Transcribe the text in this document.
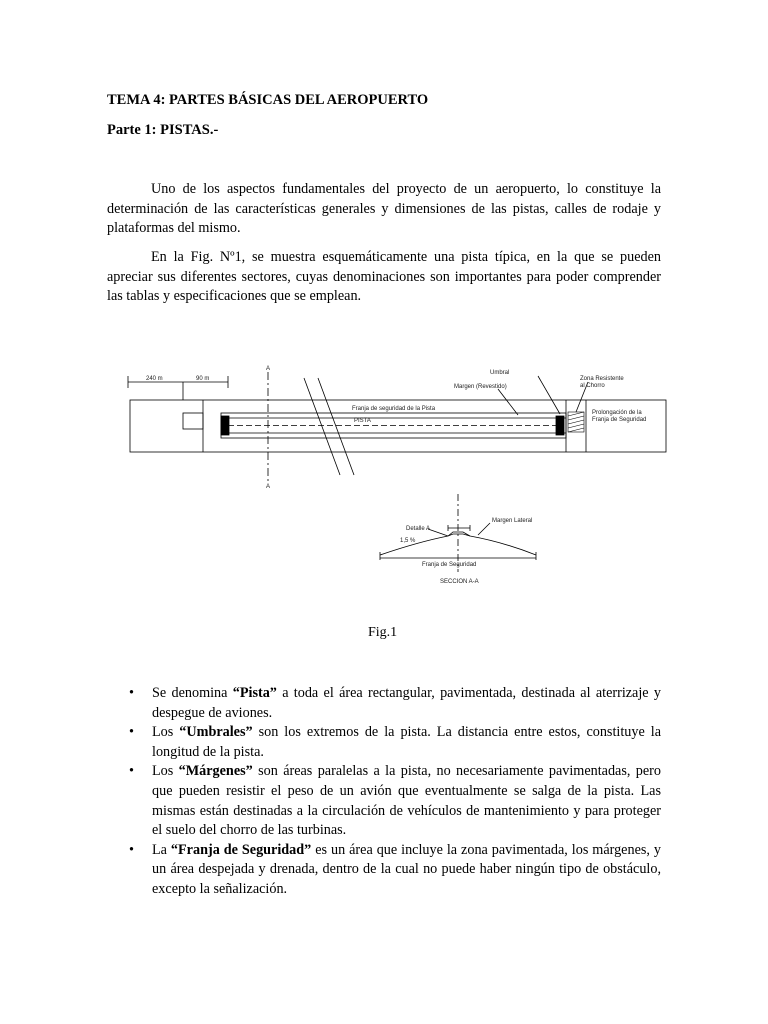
TEMA 4: PARTES BÁSICAS DEL AEROPUERTO
Parte 1: PISTAS.-

Uno de los aspectos fundamentales del proyecto de un aeropuerto, lo constituye la determinación de las características generales y dimensiones de las pistas, calles de rodaje y plataformas del mismo.

En la Fig. Nº1, se muestra esquemáticamente una pista típica, en la que se pueden apreciar sus diferentes sectores, cuyas denominaciones son importantes para poder comprender las tablas y especificaciones que se emplean.

240 m	90 m
A
A
Umbral
Margen (Revestido)
Zona Resistente
al Chorro
Franja de seguridad de la Pista
PISTA
Prolongación de la
Franja de Seguridad
Detalle A
1,5 %
Margen Lateral
Franja de Seguridad
SECCION A-A
Fig.1
• Se denomina “Pista” a toda el área rectangular, pavimentada, destinada al aterrizaje y despegue de aviones.
• Los “Umbrales” son los extremos de la pista. La distancia entre estos, constituye la longitud de la pista.
• Los “Márgenes” son áreas paralelas a la pista, no necesariamente pavimentadas, pero que pueden resistir el peso de un avión que eventualmente se salga de la pista. Las mismas están destinadas a la circulación de vehículos de mantenimiento y para proteger el suelo del chorro de las turbinas.
• La “Franja de Seguridad” es un área que incluye la zona pavimentada, los márgenes, y un área despejada y drenada, dentro de la cual no puede haber ningún tipo de obstáculo, excepto la señalización.
